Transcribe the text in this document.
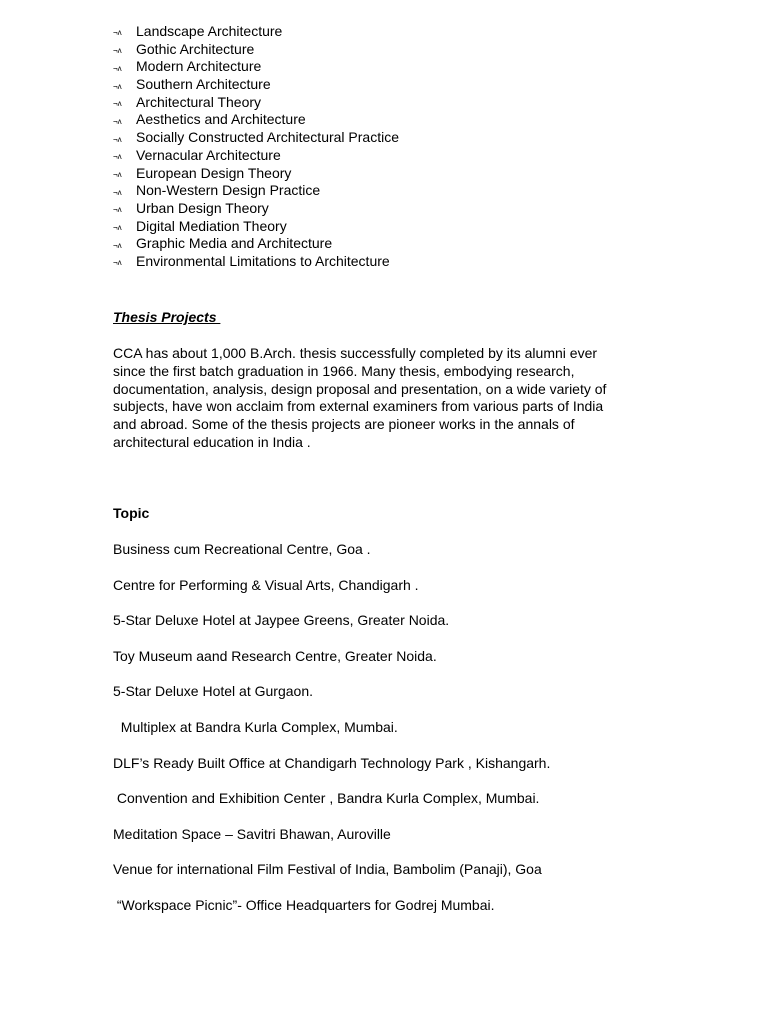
¬ʌ Landscape Architecture
¬ʌ Gothic Architecture
¬ʌ Modern Architecture
¬ʌ Southern Architecture
¬ʌ Architectural Theory
¬ʌ Aesthetics and Architecture
¬ʌ Socially Constructed Architectural Practice
¬ʌ Vernacular Architecture
¬ʌ European Design Theory
¬ʌ Non-Western Design Practice
¬ʌ Urban Design Theory
¬ʌ Digital Mediation Theory
¬ʌ Graphic Media and Architecture
¬ʌ Environmental Limitations to Architecture
Thesis Projects

CCA has about 1,000 B.Arch. thesis successfully completed by its alumni ever
since the first batch graduation in 1966. Many thesis, embodying research,
documentation, analysis, design proposal and presentation, on a wide variety of
subjects, have won acclaim from external examiners from various parts of India
and abroad. Some of the thesis projects are pioneer works in the annals of
architectural education in India .

Topic
Business cum Recreational Centre, Goa .
Centre for Performing & Visual Arts, Chandigarh .
5-Star Deluxe Hotel at Jaypee Greens, Greater Noida.
Toy Museum aand Research Centre, Greater Noida.
5-Star Deluxe Hotel at Gurgaon.
Multiplex at Bandra Kurla Complex, Mumbai.
DLF’s Ready Built Office at Chandigarh Technology Park , Kishangarh.
Convention and Exhibition Center , Bandra Kurla Complex, Mumbai.
Meditation Space – Savitri Bhawan, Auroville
Venue for international Film Festival of India, Bambolim (Panaji), Goa
“Workspace Picnic”- Office Headquarters for Godrej Mumbai.
